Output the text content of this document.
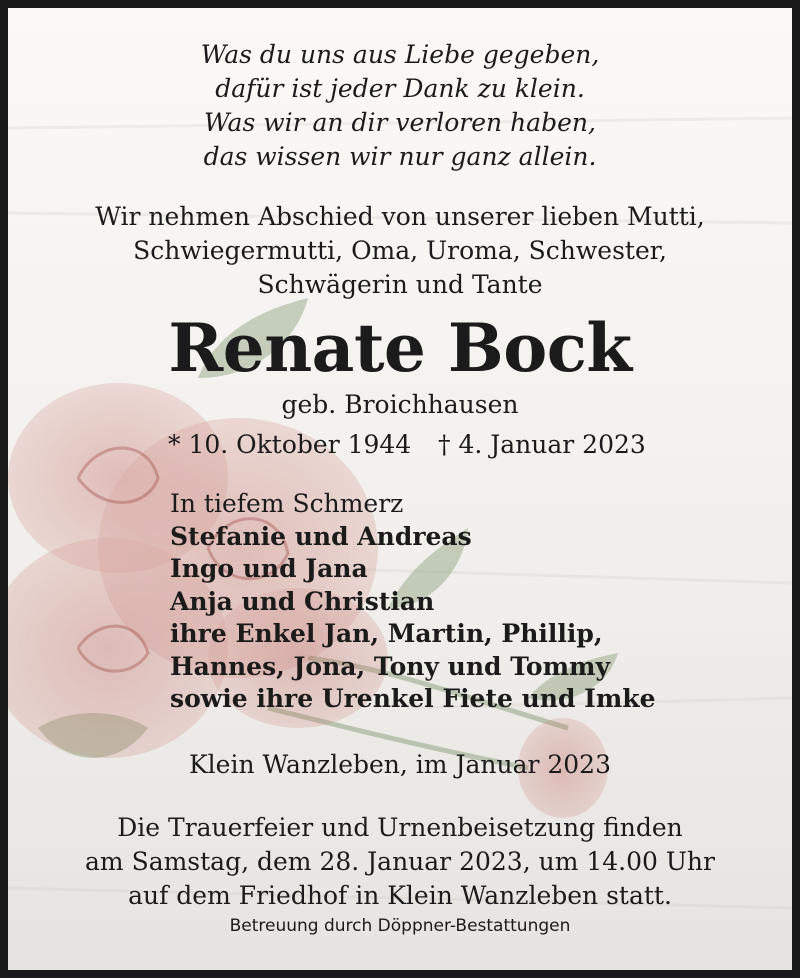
Was du uns aus Liebe gegeben,
dafür ist jeder Dank zu klein.
Was wir an dir verloren haben,
das wissen wir nur ganz allein.
Wir nehmen Abschied von unserer lieben Mutti,
Schwiegermutti, Oma, Uroma, Schwester,
Schwägerin und Tante
Renate Bock
geb. Broichhausen
* 10. Oktober 1944 † 4. Januar 2023
In tiefem Schmerz
Stefanie und Andreas
Ingo und Jana
Anja und Christian
ihre Enkel Jan, Martin, Phillip,
Hannes, Jona, Tony und Tommy
sowie ihre Urenkel Fiete und Imke
Klein Wanzleben, im Januar 2023
Die Trauerfeier und Urnenbeisetzung finden
am Samstag, dem 28. Januar 2023, um 14.00 Uhr
auf dem Friedhof in Klein Wanzleben statt.
Betreuung durch Döppner-Bestattungen
